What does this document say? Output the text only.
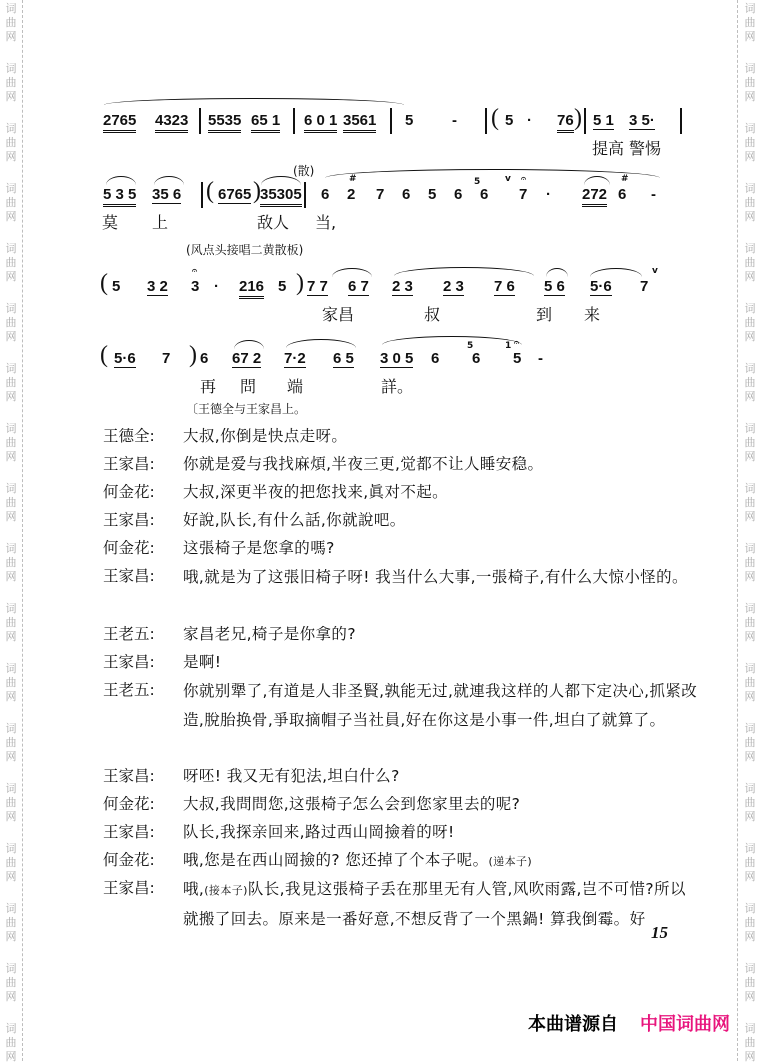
词
曲
网
词
曲
网
词
曲
网
词
曲
网
词
曲
网
词
曲
网
词
曲
网
词
曲
网
词
曲
网
词
曲
网
词
曲
网
词
曲
网
词
曲
网
词
曲
网
词
曲
网
词
曲
网
词
曲
网
词
曲
网
词
曲
网
词
曲
网
词
曲
网
词
曲
网
词
曲
网
词
曲
网
词
曲
网
词
曲
网
词
曲
网
词
曲
网
词
曲
网
词
曲
网
词
曲
网
词
曲
网
词
曲
网
词
曲
网
词
曲
网
词
曲
网
2765 4323 5535 65 1 6 0 1 3561 5	- ( 5 · 76 ) 5 1 3 5·
提高 警惕
(散)
5 3 5 35 6 ( 6765 ) 35305 6
#
2 7 6 5 6
5
6
v 𝄐
7 · 272
#
6 -
莫 上	敌人 当,
(风点头接唱二黄散板)
( 5 3 2
𝄐
3 · 216 5 ) 7 7 6 7 2 3 2 3 7 6 5 6 5·6 7
v
家昌	叔	到 来
( 5·6 7 ) 6 67 2 7·2 6 5 3 0 5 6
5
6
1 𝄐
5 -
再 問 端	詳。
〔王德全与王家昌上。
王德全:	大叔,你倒是快点走呀。
王家昌:	你就是爱与我找麻煩,半夜三更,觉都不让人睡安稳。
何金花:	大叔,深更半夜的把您找来,眞对不起。
王家昌:	好說,队长,有什么話,你就說吧。
何金花:	这張椅子是您拿的嗎?
王家昌:	哦,就是为了这張旧椅子呀! 我当什么大事,一張椅子,有什么大惊小怪的。
王老五:	家昌老兄,椅子是你拿的?
王家昌:	是啊!
王老五:	你就别犟了,有道是人非圣賢,孰能无过,就連我这样的人都下定决心,抓紧改造,脫胎换骨,爭取摘帽子当社員,好在你这是小事一件,坦白了就算了。
王家昌:	呀呸! 我又无有犯法,坦白什么?
何金花:	大叔,我問問您,这張椅子怎么会到您家里去的呢?
王家昌:	队长,我探亲回来,路过西山岡撿着的呀!
何金花:	哦,您是在西山岡撿的? 您还掉了个本子呢。(递本子)
王家昌:	哦,(接本子)队长,我見这張椅子丢在那里无有人管,风吹雨露,岂不可惜?所以就搬了回去。原来是一番好意,不想反背了一个黑鍋! 算我倒霉。好
15
本曲谱源自 中国词曲网
